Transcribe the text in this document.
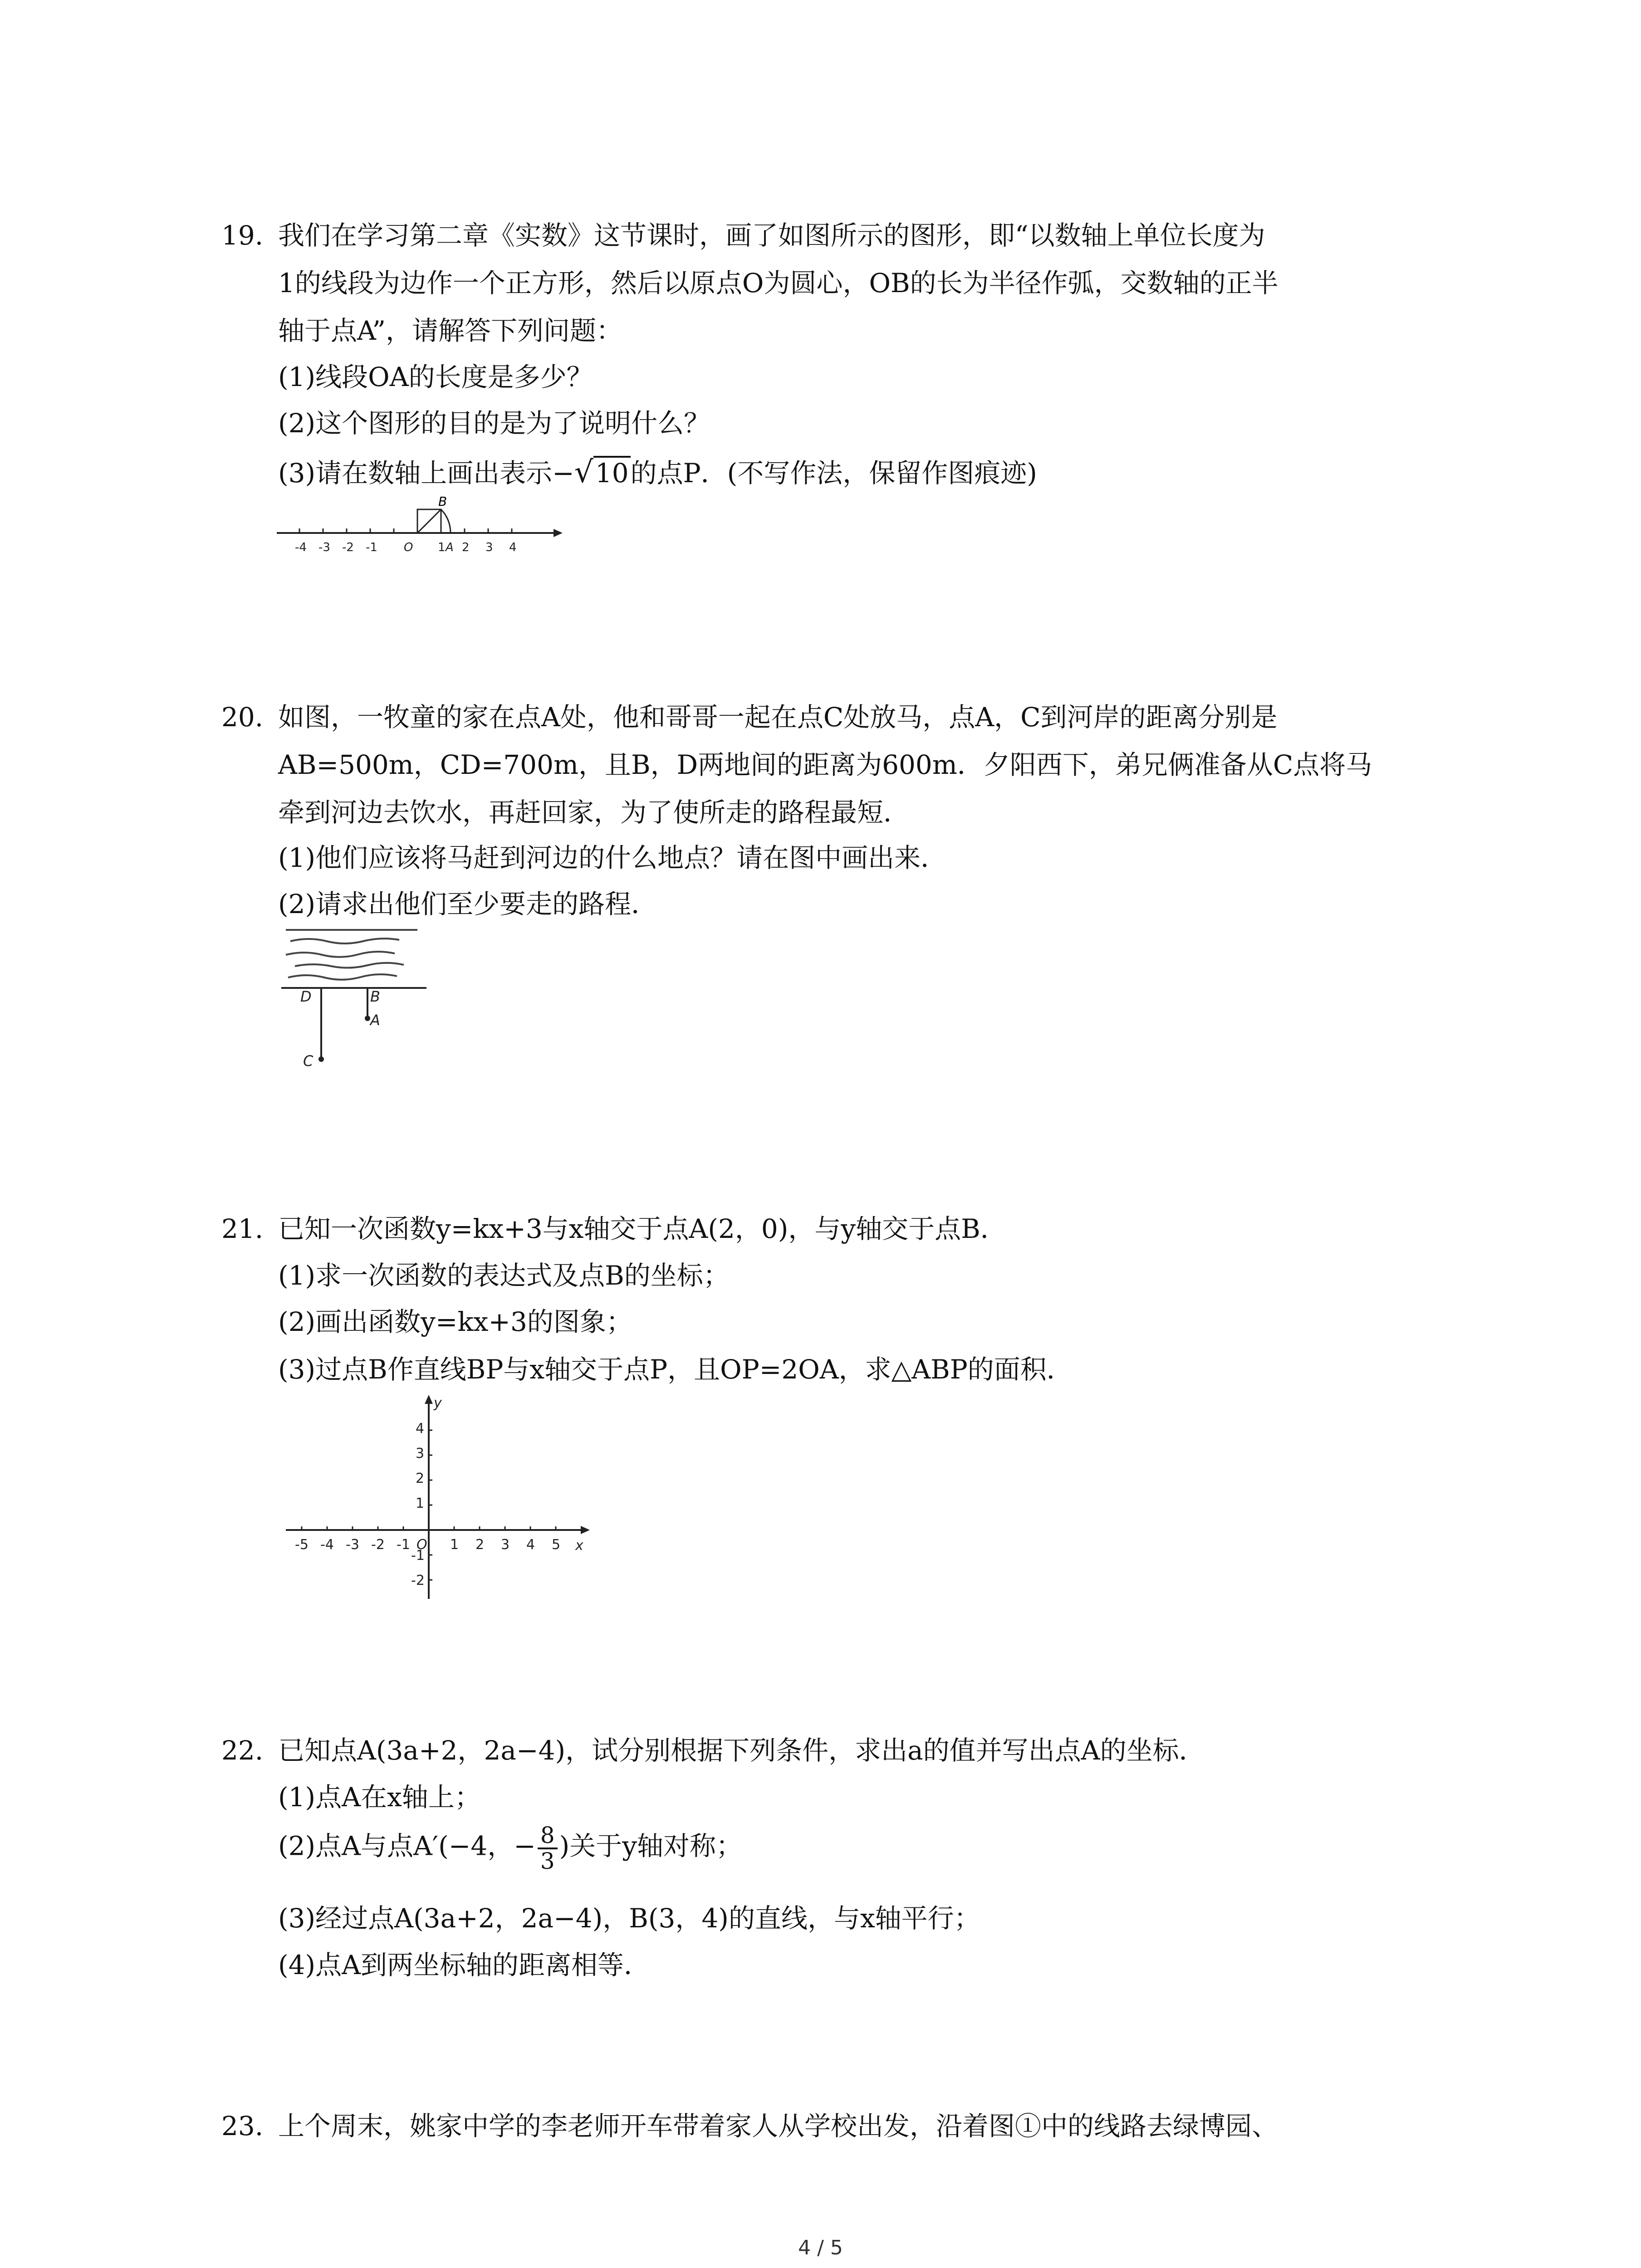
19. 我们在学习第二章《实数》这节课时，画了如图所示的图形，即“以数轴上单位长度为
1的线段为边作一个正方形，然后以原点O为圆心，OB的长为半径作弧，交数轴的正半
轴于点A”，请解答下列问题：
(1)线段OA的长度是多少？
(2)这个图形的目的是为了说明什么？
(3)请在数轴上画出表示−√10的点P．(不写作法，保留作图痕迹)
B
-4 -3 -2 -1 O 1 A 2 3 4
20. 如图，一牧童的家在点A处，他和哥哥一起在点C处放马，点A，C到河岸的距离分别是
AB=500m，CD=700m，且B，D两地间的距离为600m．夕阳西下，弟兄俩准备从C点将马
牵到河边去饮水，再赶回家，为了使所走的路程最短．
(1)他们应该将马赶到河边的什么地点？请在图中画出来．
(2)请求出他们至少要走的路程．
D	B
A
C
21. 已知一次函数y=kx+3与x轴交于点A(2，0)，与y轴交于点B．
(1)求一次函数的表达式及点B的坐标；
(2)画出函数y=kx+3的图象；
(3)过点B作直线BP与x轴交于点P，且OP=2OA，求△ABP的面积．
y
x
4
3
2
1
-1
-2
-5 -4 -3 -2 -1 O 1 2 3 4 5
22. 已知点A(3a+2，2a−4)，试分别根据下列条件，求出a的值并写出点A的坐标．
(1)点A在x轴上；
(2)点A与点A′(−4，− $\frac{8}{3}$ )关于y轴对称；
(3)经过点A(3a+2，2a−4)，B(3，4)的直线，与x轴平行；
(4)点A到两坐标轴的距离相等．
23. 上个周末，姚家中学的李老师开车带着家人从学校出发，沿着图①中的线路去绿博园、
4 / 5
